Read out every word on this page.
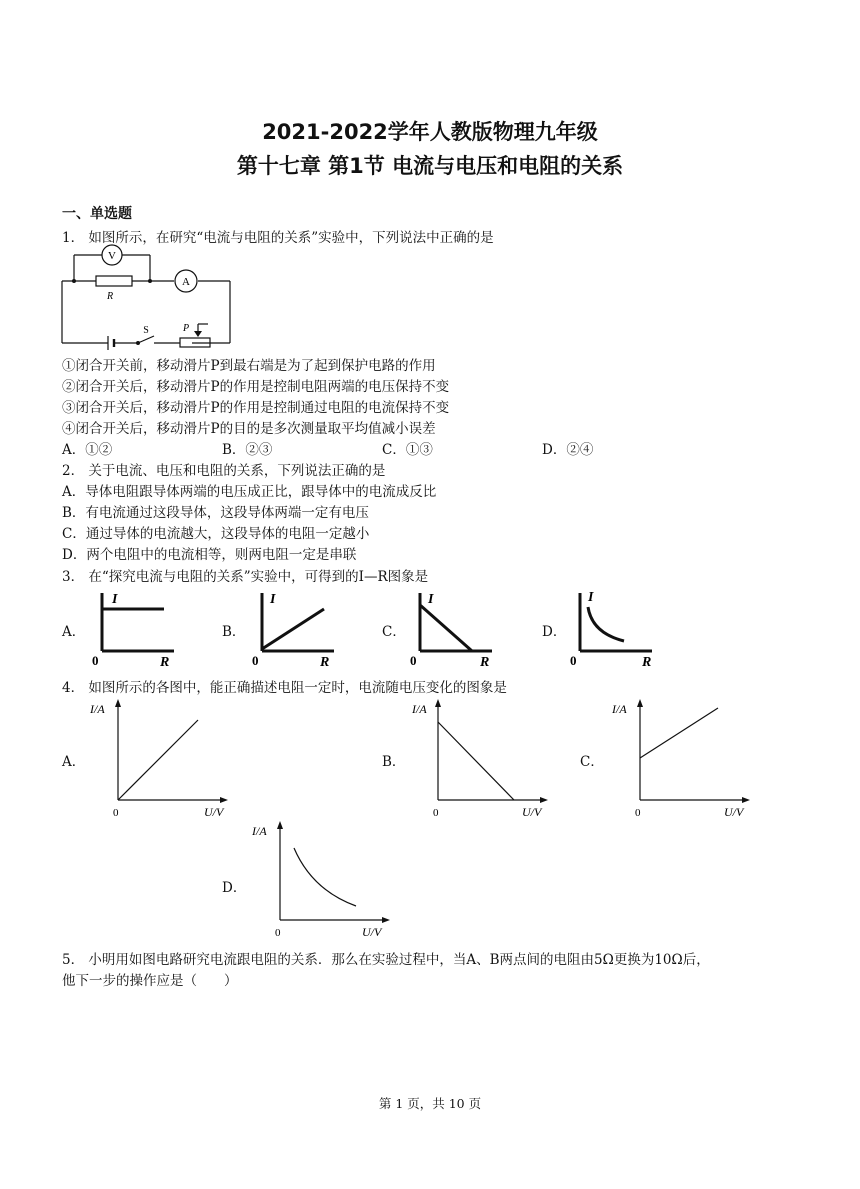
2021-2022学年人教版物理九年级
第十七章 第1节 电流与电压和电阻的关系
一、单选题
1． 如图所示，在研究“电流与电阻的关系”实验中，下列说法中正确的是
V
A
R
S	P
①闭合开关前，移动滑片P到最右端是为了起到保护电路的作用
②闭合开关后，移动滑片P的作用是控制电阻两端的电压保持不变
③闭合开关后，移动滑片P的作用是控制通过电阻的电流保持不变
④闭合开关后，移动滑片P的目的是多次测量取平均值减小误差
A．①②	B．②③	C．①③	D．②④
2． 关于电流、电压和电阻的关系，下列说法正确的是
A．导体电阻跟导体两端的电压成正比，跟导体中的电流成反比
B．有电流通过这段导体，这段导体两端一定有电压
C．通过导体的电流越大，这段导体的电阻一定越小
D．两个电阻中的电流相等，则两电阻一定是串联
3． 在“探究电流与电阻的关系”实验中，可得到的I—R图象是
A．
I
0	R
B．
I
0	R
C．
I
0	R
D．
I
0	R
4． 如图所示的各图中，能正确描述电阻一定时，电流随电压变化的图象是
A．
I/A
0	U/V
B．
I/A
0	U/V
C．
I/A
0	U/V
D．
I/A
0	U/V
5． 小明用如图电路研究电流跟电阻的关系．那么在实验过程中，当A、B两点间的电阻由5Ω更换为10Ω后，
他下一步的操作应是（　　）
第 1 页，共 10 页
